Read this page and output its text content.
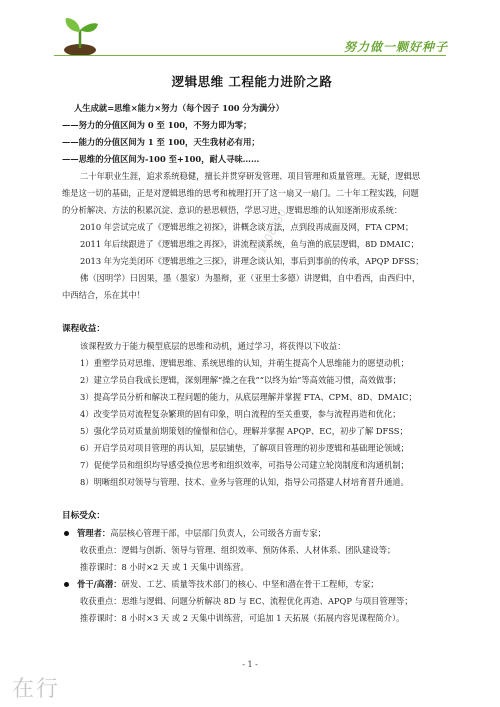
努力做一颗好种子
1008350
逻辑思维 工程能力进阶之路
人生成就=思维×能力×努力（每个因子 100 分为满分）
——努力的分值区间为 0 至 100，不努力即为零；
——能力的分值区间为 1 至 100，天生我材必有用；
——思维的分值区间为-100 至+100，耐人寻味……
二十年职业生涯，追求系统稳健，擅长并贯穿研发管理、项目管理和质量管理。无疑，逻辑思
维是这一切的基础，正是对逻辑思维的思考和梳理打开了这一扇又一扇门。二十年工程实践，问题
的分析解决、方法的积累沉淀、意识的悬思顿悟，学思习进，逻辑思维的认知逐渐形成系统：
2010 年尝试完成了《逻辑思维之初探》，讲概念谈方法，点到段再成面及网，FTA CPM；
2011 年后续跟进了《逻辑思维之再探》，讲流程谈系统，鱼与渔的底层逻辑，8D DMAIC；
2013 年为完美闭环《逻辑思维之三探》，讲理念谈认知，事后到事前的传承，APQP DFSS；
佛（因明学）曰因果，墨（墨家）为墨辩，亚（亚里士多德）讲逻辑，自中看西，由西归中，
中西结合，乐在其中！
课程收益：
该课程致力于能力模型底层的思维和动机，通过学习，将获得以下收益：
1）重塑学员对思维、逻辑思维、系统思维的认知，并萌生提高个人思维能力的愿望动机；
2）建立学员自我成长逻辑，深刻理解“操之在我”“以终为始”等高效能习惯，高效做事；
3）提高学员分析和解决工程问题的能力，从底层理解并掌握 FTA、CPM、8D、DMAIC；
4）改变学员对流程复杂繁琐的固有印象，明白流程的至关重要，参与流程再造和优化；
5）强化学员对质量前期策划的憧憬和信心，理解并掌握 APQP、EC，初步了解 DFSS；
6）开启学员对项目管理的再认知，层层铺垫，了解项目管理的初步逻辑和基础理论领域；
7）促使学员和组织均导感受换位思考和组织效率，可指导公司建立轮岗制度和沟通机制；
8）明晰组织对领导与管理、技术、业务与管理的认知，指导公司搭建人材培育晋升通道。
目标受众：
管理者：高层核心管理干部，中层部门负责人，公司级各方面专家；
收获重点：逻辑与创新、领导与管理、组织效率、预防体系、人材体系、团队建设等；
推荐课时：8 小时×2 天 或 1 天集中训练营。
骨干/高潜：研发、工艺、质量等技术部门的核心、中坚和潜在骨干工程师，专家；
收获重点：思维与逻辑、问题分析解决 8D 与 EC、流程优化再造、APQP 与项目管理等；
推荐课时：8 小时×3 天 或 2 天集中训练营，可追加 1 天拓展（拓展内容见课程简介）。
- 1 -
在行
